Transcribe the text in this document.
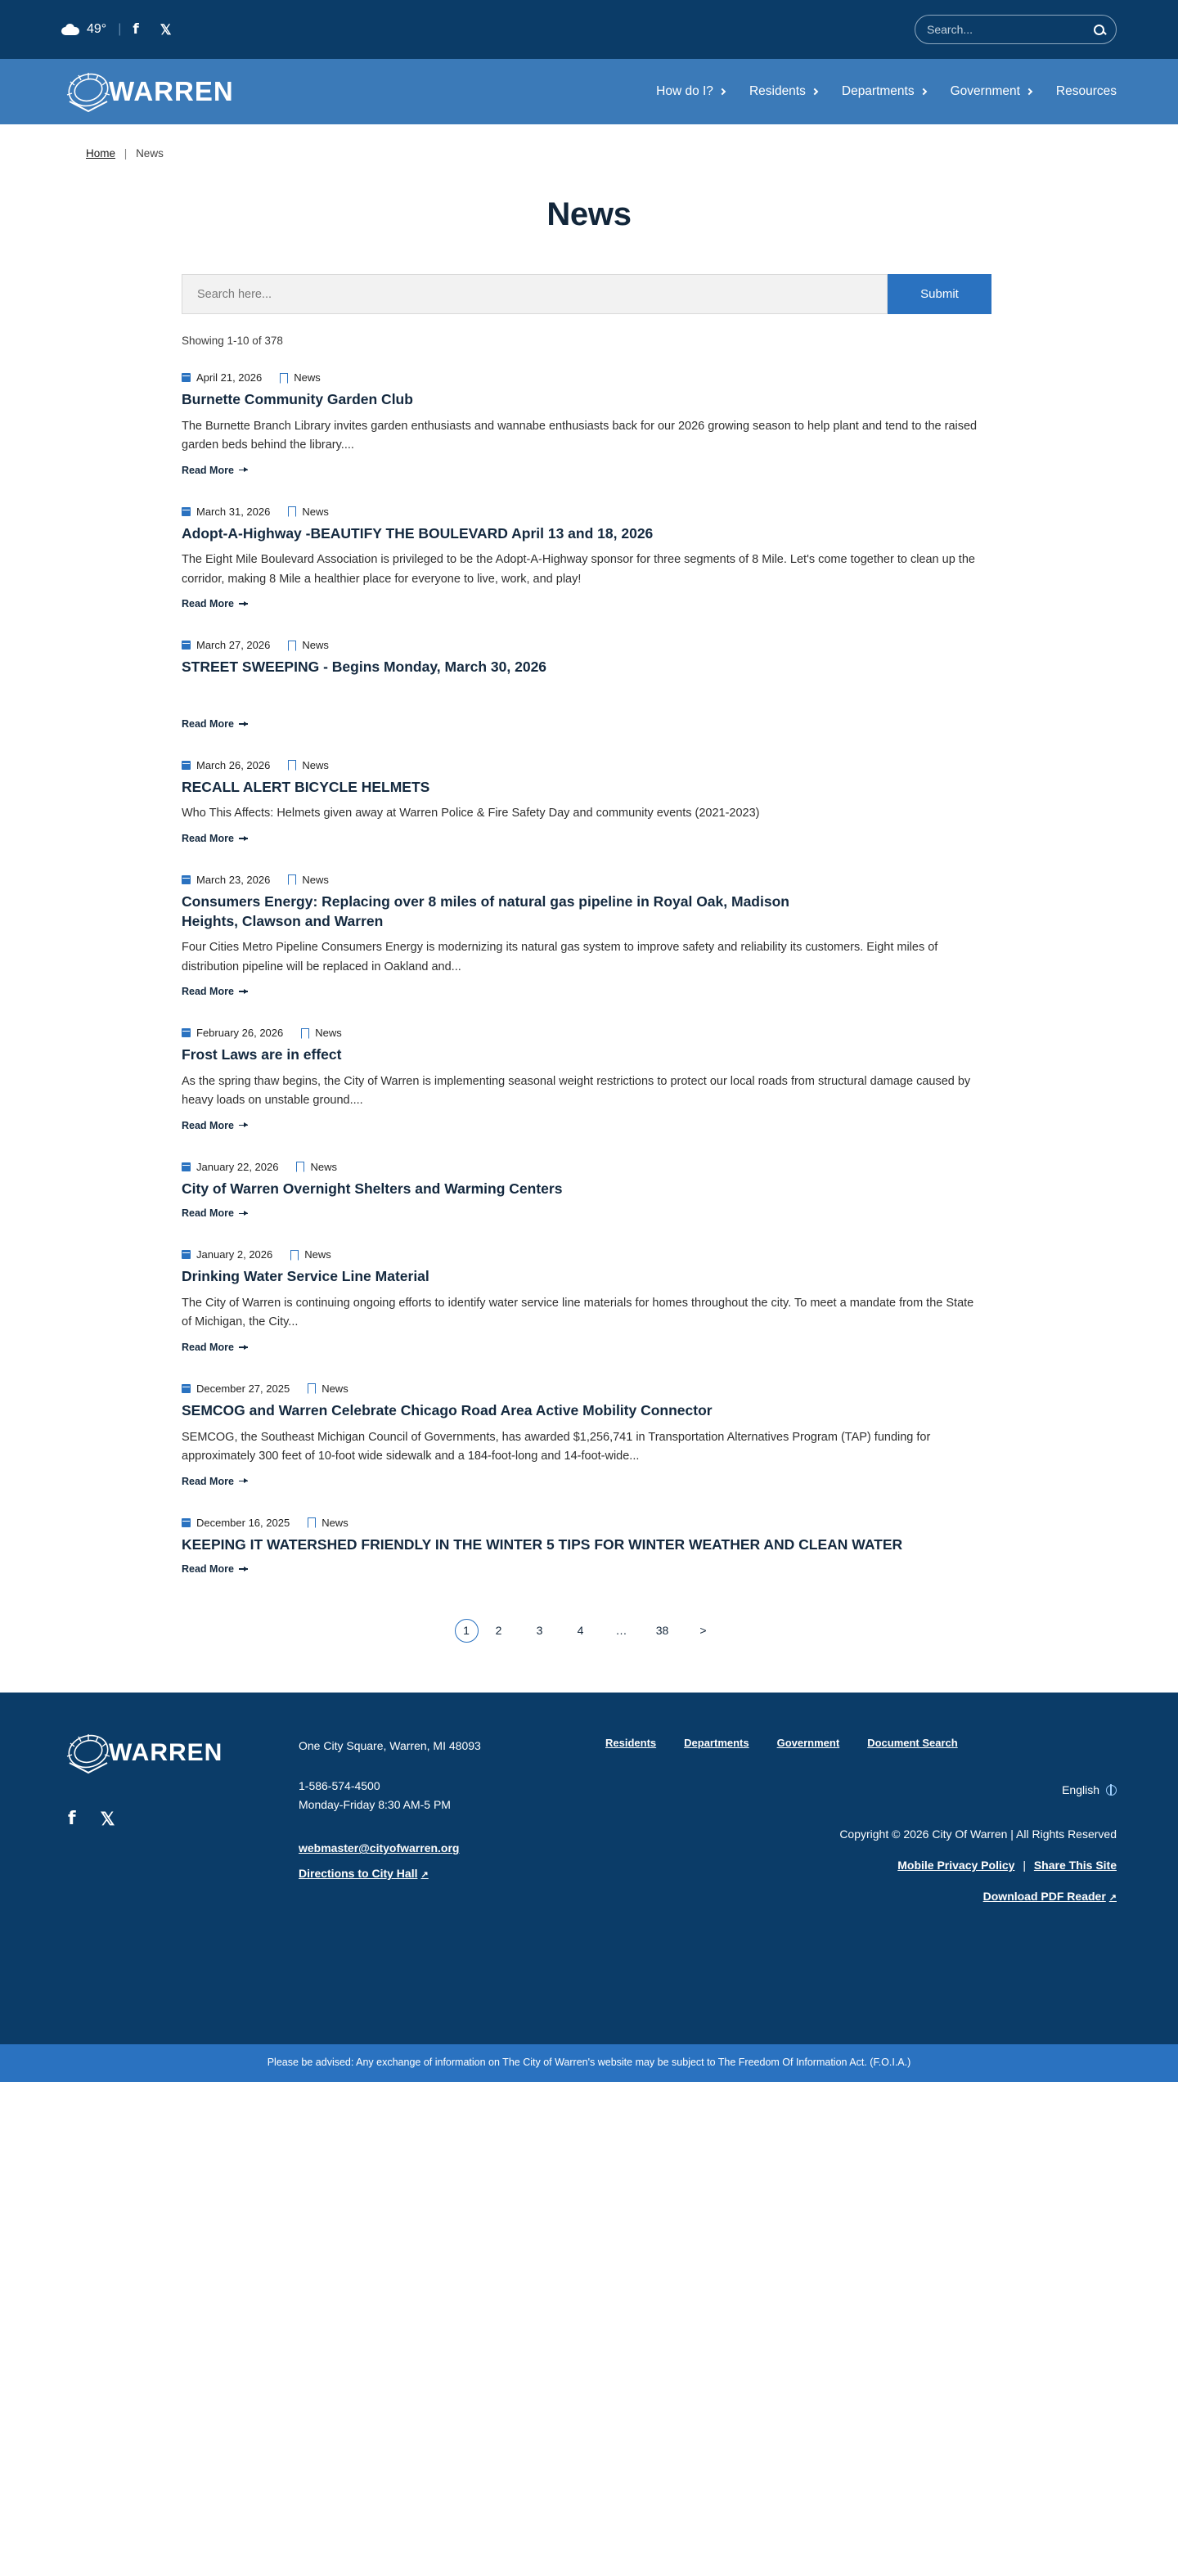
49° | f 𝕏
Search...
WARREN	How do I?	Residents	Departments	Government	Resources
Home | News
News
Search here...
Submit
Showing 1-10 of 378
April 21, 2026	News
Burnette Community Garden Club
The Burnette Branch Library invites garden enthusiasts and wannabe enthusiasts back for our 2026 growing season to help plant and tend to the raised garden beds behind the library....
Read More
March 31, 2026	News
Adopt-A-Highway -BEAUTIFY THE BOULEVARD April 13 and 18, 2026
The Eight Mile Boulevard Association is privileged to be the Adopt-A-Highway sponsor for three segments of 8 Mile. Let's come together to clean up the corridor, making 8 Mile a healthier place for everyone to live, work, and play!
Read More
March 27, 2026	News
STREET SWEEPING - Begins Monday, March 30, 2026
Read More
March 26, 2026	News
RECALL ALERT BICYCLE HELMETS
Who This Affects: Helmets given away at Warren Police & Fire Safety Day and community events (2021-2023)
Read More
March 23, 2026	News
Consumers Energy: Replacing over 8 miles of natural gas pipeline in Royal Oak, Madison Heights, Clawson and Warren
Four Cities Metro Pipeline Consumers Energy is modernizing its natural gas system to improve safety and reliability its customers. Eight miles of distribution pipeline will be replaced in Oakland and...
Read More
February 26, 2026	News
Frost Laws are in effect
As the spring thaw begins, the City of Warren is implementing seasonal weight restrictions to protect our local roads from structural damage caused by heavy loads on unstable ground....
Read More
January 22, 2026	News
City of Warren Overnight Shelters and Warming Centers
Read More
January 2, 2026	News
Drinking Water Service Line Material
The City of Warren is continuing ongoing efforts to identify water service line materials for homes throughout the city. To meet a mandate from the State of Michigan, the City...
Read More
December 27, 2025	News
SEMCOG and Warren Celebrate Chicago Road Area Active Mobility Connector
SEMCOG, the Southeast Michigan Council of Governments, has awarded $1,256,741 in Transportation Alternatives Program (TAP) funding for approximately 300 feet of 10-foot wide sidewalk and a 184-foot-long and 14-foot-wide...
Read More
December 16, 2025	News
KEEPING IT WATERSHED FRIENDLY IN THE WINTER 5 TIPS FOR WINTER WEATHER AND CLEAN WATER
Read More
1	2	3	4	…	38	>
WARREN
f 𝕏
One City Square, Warren, MI 48093
1-586-574-4500
Monday-Friday 8:30 AM-5 PM
webmaster@cityofwarren.org
Directions to City Hall ↗
Residents	Departments	Government	Document Search
English
Copyright © 2026 City Of Warren | All Rights Reserved
Mobile Privacy Policy | Share This Site
Download PDF Reader ↗
Please be advised: Any exchange of information on The City of Warren's website may be subject to The Freedom Of Information Act. (F.O.I.A.)
